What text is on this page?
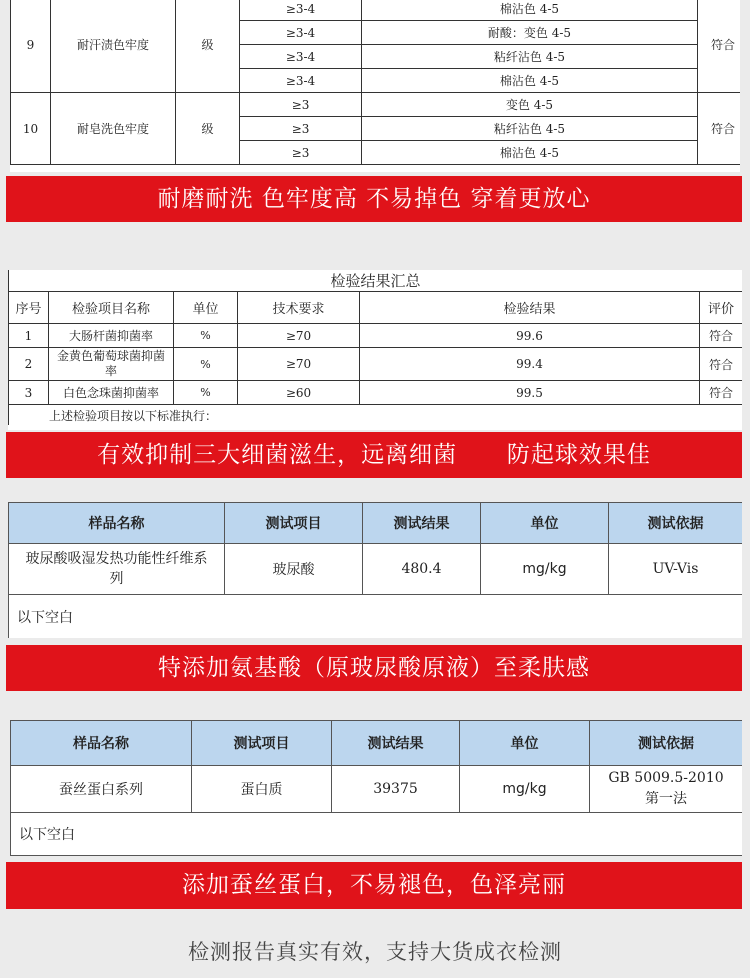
9	耐汗渍色牢度	级	≥3-4	棉沾色 4-5	符合
			≥3-4	耐酸：变色 4-5	
			≥3-4	粘纤沾色 4-5	
			≥3-4	棉沾色 4-5	
10	耐皂洗色牢度	级	≥3	变色 4-5	符合
			≥3	粘纤沾色 4-5	
			≥3	棉沾色 4-5	
耐磨耐洗 色牢度高 不易掉色 穿着更放心
检验结果汇总					
序号	检验项目名称	单位	技术要求	检验结果	评价
1	大肠杆菌抑菌率	%	≥70	99.6	符合
2	金黄色葡萄球菌抑菌率	%	≥70	99.4	符合
3	白色念珠菌抑菌率	%	≥60	99.5	符合
上述检验项目按以下标准执行：					
有效抑制三大细菌滋生，远离细菌      防起球效果佳
样品名称	测试项目	测试结果	单位	测试依据
玻尿酸吸湿发热功能性纤维系列	玻尿酸	480.4	mg/kg	UV-Vis
以下空白				
特添加氨基酸（原玻尿酸原液）至柔肤感
样品名称	测试项目	测试结果	单位	测试依据
蚕丝蛋白系列	蛋白质	39375	mg/kg	GB 5009.5-2010 第一法
以下空白				
添加蚕丝蛋白，不易褪色，色泽亮丽
检测报告真实有效，支持大货成衣检测
